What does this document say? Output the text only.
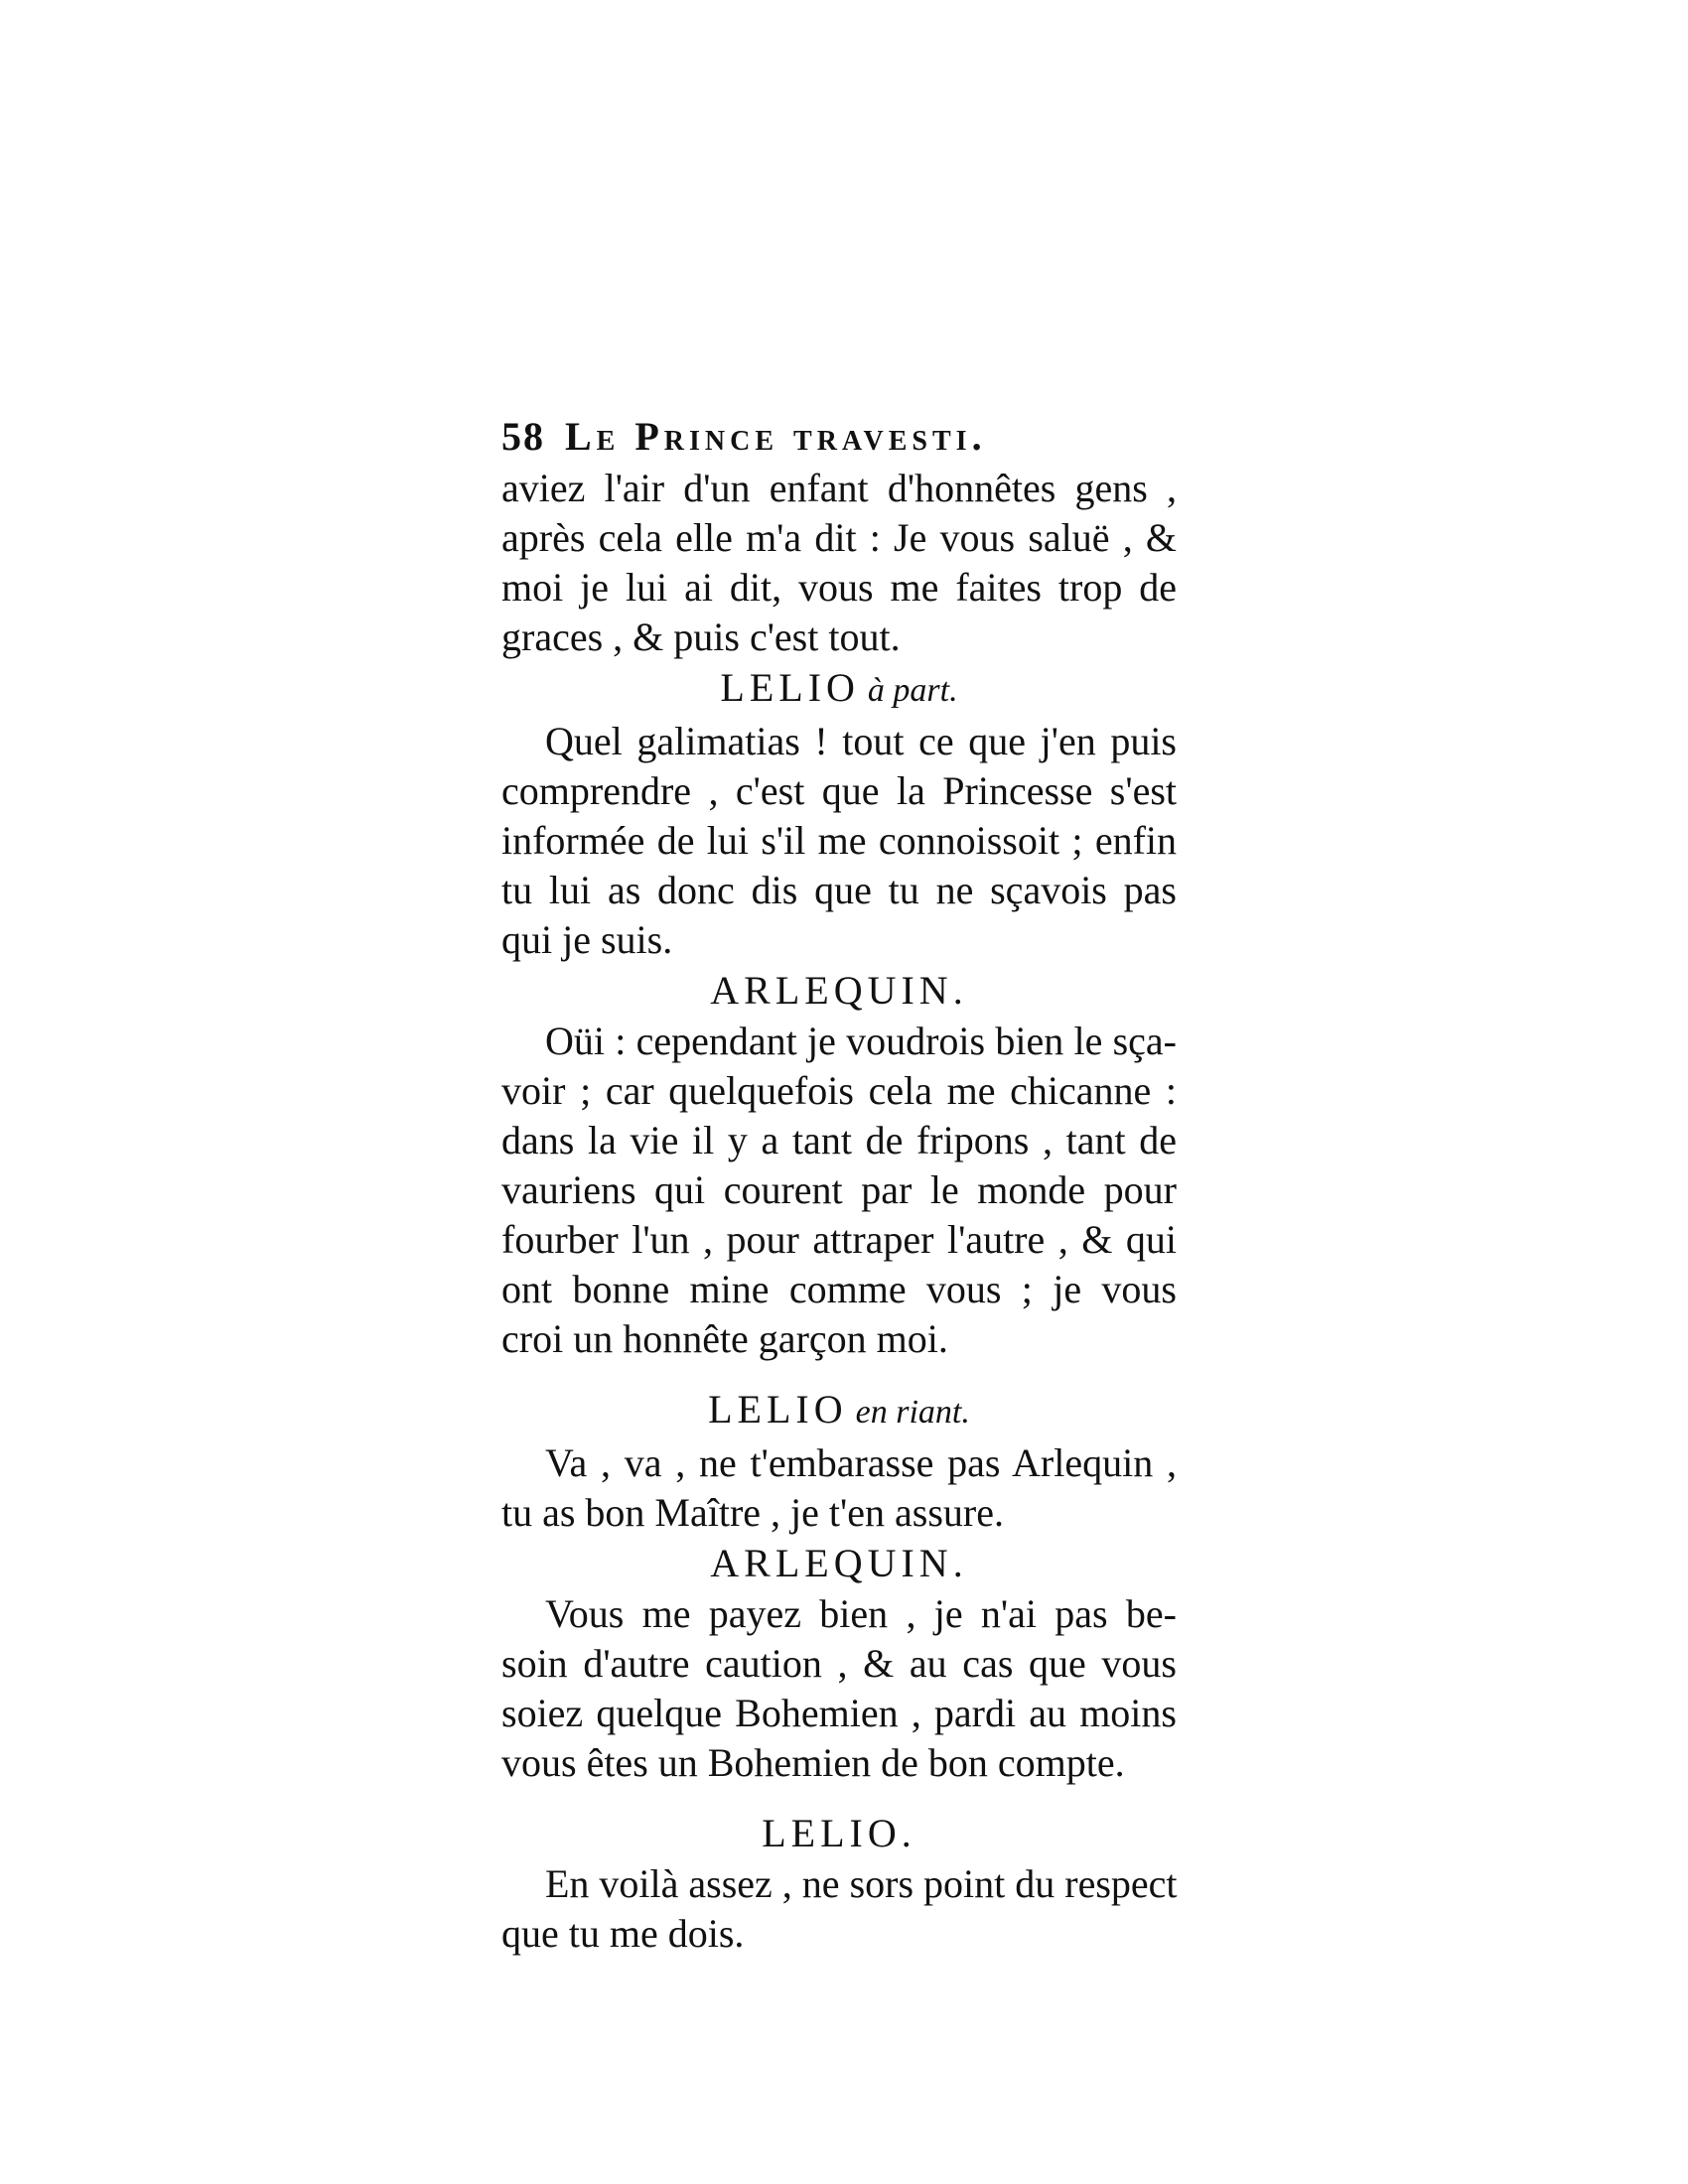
58 Le Prince travesti.
aviez l'air d'un enfant d'honnêtes gens ,
après cela elle m'a dit : Je vous saluë , &
moi je lui ai dit, vous me faites trop de
graces , & puis c'est tout.
LELIO à part.
Quel galimatias ! tout ce que j'en puis
comprendre , c'est que la Princesse s'est
informée de lui s'il me connoissoit ; enfin
tu lui as donc dis que tu ne sçavois pas
qui je suis.
ARLEQUIN.
Oüi : cependant je voudrois bien le sça-
voir ; car quelquefois cela me chicanne :
dans la vie il y a tant de fripons , tant de
vauriens qui courent par le monde pour
fourber l'un , pour attraper l'autre , & qui
ont bonne mine comme vous ; je vous
croi un honnête garçon moi.
LELIO en riant.
Va , va , ne t'embarasse pas Arlequin ,
tu as bon Maître , je t'en assure.
ARLEQUIN.
Vous me payez bien , je n'ai pas be-
soin d'autre caution , & au cas que vous
soiez quelque Bohemien , pardi au moins
vous êtes un Bohemien de bon compte.
LELIO.
En voilà assez , ne sors point du respect
que tu me dois.
